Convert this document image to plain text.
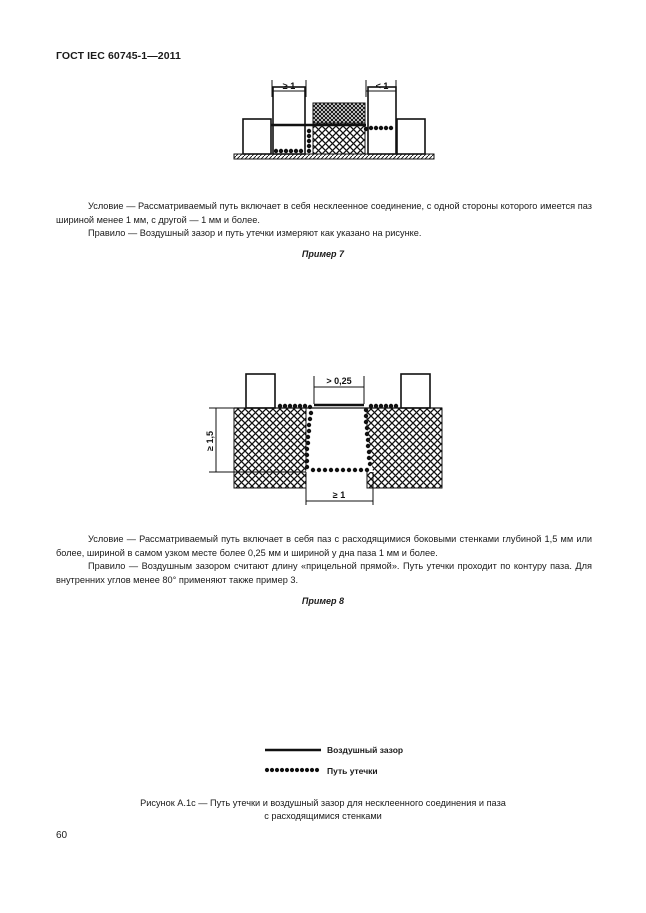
ГОСТ IEC 60745-1—2011
≥ 1	< 1

Условие — Рассматриваемый путь включает в себя несклеенное соединение, с одной стороны которого имеется паз шириной менее 1 мм, с другой — 1 мм и более.

Правило — Воздушный зазор и путь утечки измеряют как указано на рисунке.

Пример 7
> 0,25
≥ 1,5
≥ 1

Условие — Рассматриваемый путь включает в себя паз с расходящимися боковыми стенками глубиной 1,5 мм или более, шириной в самом узком месте более 0,25 мм и шириной у дна паза 1 мм и более.

Правило — Воздушным зазором считают длину «прицельной прямой». Путь утечки проходит по контуру паза. Для внутренних углов менее 80° применяют также пример 3.

Пример 8
Воздушный зазор
Путь утечки
Рисунок А.1с — Путь утечки и воздушный зазор для несклеенного соединения и паза
с расходящимися стенками
60
